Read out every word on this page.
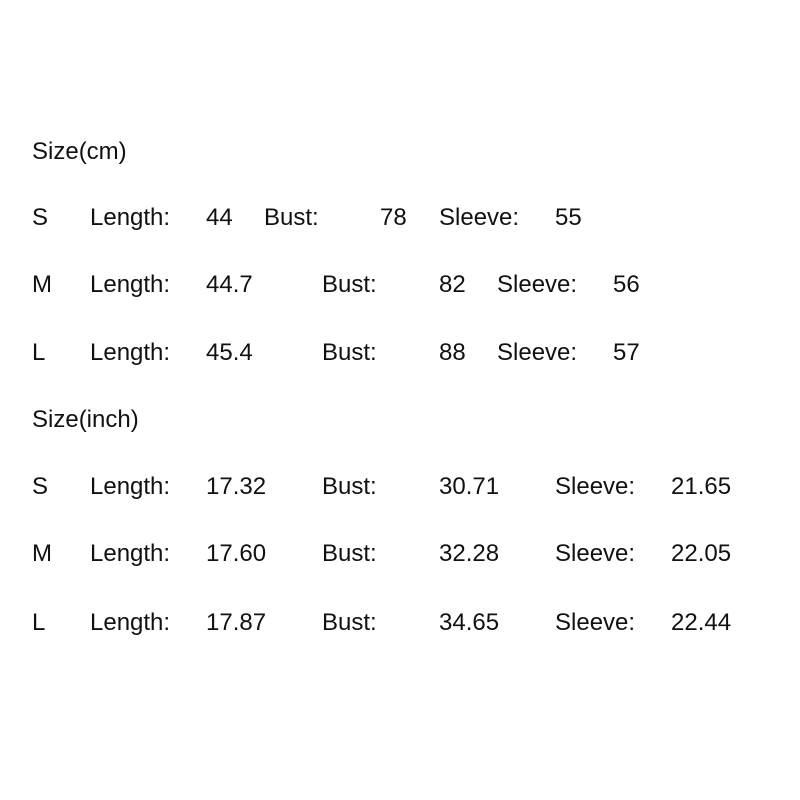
Size(cm)
S Length: 44 Bust:	78 Sleeve: 55
M Length: 44.7	Bust:	82 Sleeve: 56
L Length: 45.4	Bust:	88 Sleeve: 57
Size(inch)
S Length: 17.32 Bust:	30.71 Sleeve: 21.65
M Length: 17.60 Bust:	32.28 Sleeve: 22.05
L Length: 17.87 Bust:	34.65 Sleeve: 22.44
